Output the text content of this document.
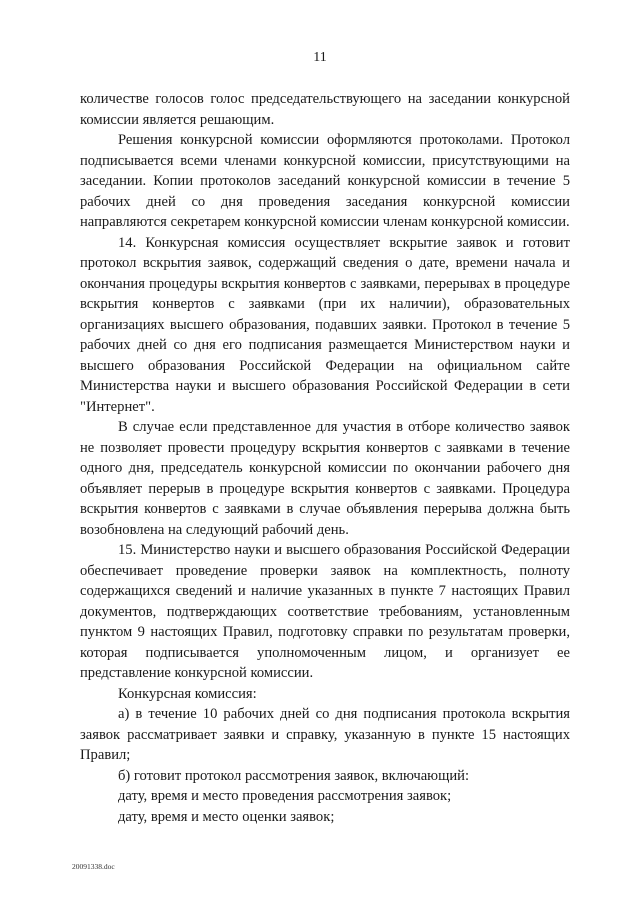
11

количестве голосов голос председательствующего на заседании конкурсной комиссии является решающим.

Решения конкурсной комиссии оформляются протоколами. Протокол подписывается всеми членами конкурсной комиссии, присутствующими на заседании. Копии протоколов заседаний конкурсной комиссии в течение 5 рабочих дней со дня проведения заседания конкурсной комиссии направляются секретарем конкурсной комиссии членам конкурсной комиссии.

14. Конкурсная комиссия осуществляет вскрытие заявок и готовит протокол вскрытия заявок, содержащий сведения о дате, времени начала и окончания процедуры вскрытия конвертов с заявками, перерывах в процедуре вскрытия конвертов с заявками (при их наличии), образовательных организациях высшего образования, подавших заявки. Протокол в течение 5 рабочих дней со дня его подписания размещается Министерством науки и высшего образования Российской Федерации на официальном сайте Министерства науки и высшего образования Российской Федерации в сети "Интернет".

В случае если представленное для участия в отборе количество заявок не позволяет провести процедуру вскрытия конвертов с заявками в течение одного дня, председатель конкурсной комиссии по окончании рабочего дня объявляет перерыв в процедуре вскрытия конвертов с заявками. Процедура вскрытия конвертов с заявками в случае объявления перерыва должна быть возобновлена на следующий рабочий день.

15. Министерство науки и высшего образования Российской Федерации обеспечивает проведение проверки заявок на комплектность, полноту содержащихся сведений и наличие указанных в пункте 7 настоящих Правил документов, подтверждающих соответствие требованиям, установленным пунктом 9 настоящих Правил, подготовку справки по результатам проверки, которая подписывается уполномоченным лицом, и организует ее представление конкурсной комиссии.

Конкурсная комиссия:

а) в течение 10 рабочих дней со дня подписания протокола вскрытия заявок рассматривает заявки и справку, указанную в пункте 15 настоящих Правил;

б) готовит протокол рассмотрения заявок, включающий:

дату, время и место проведения рассмотрения заявок;

дату, время и место оценки заявок;

20091338.doc
